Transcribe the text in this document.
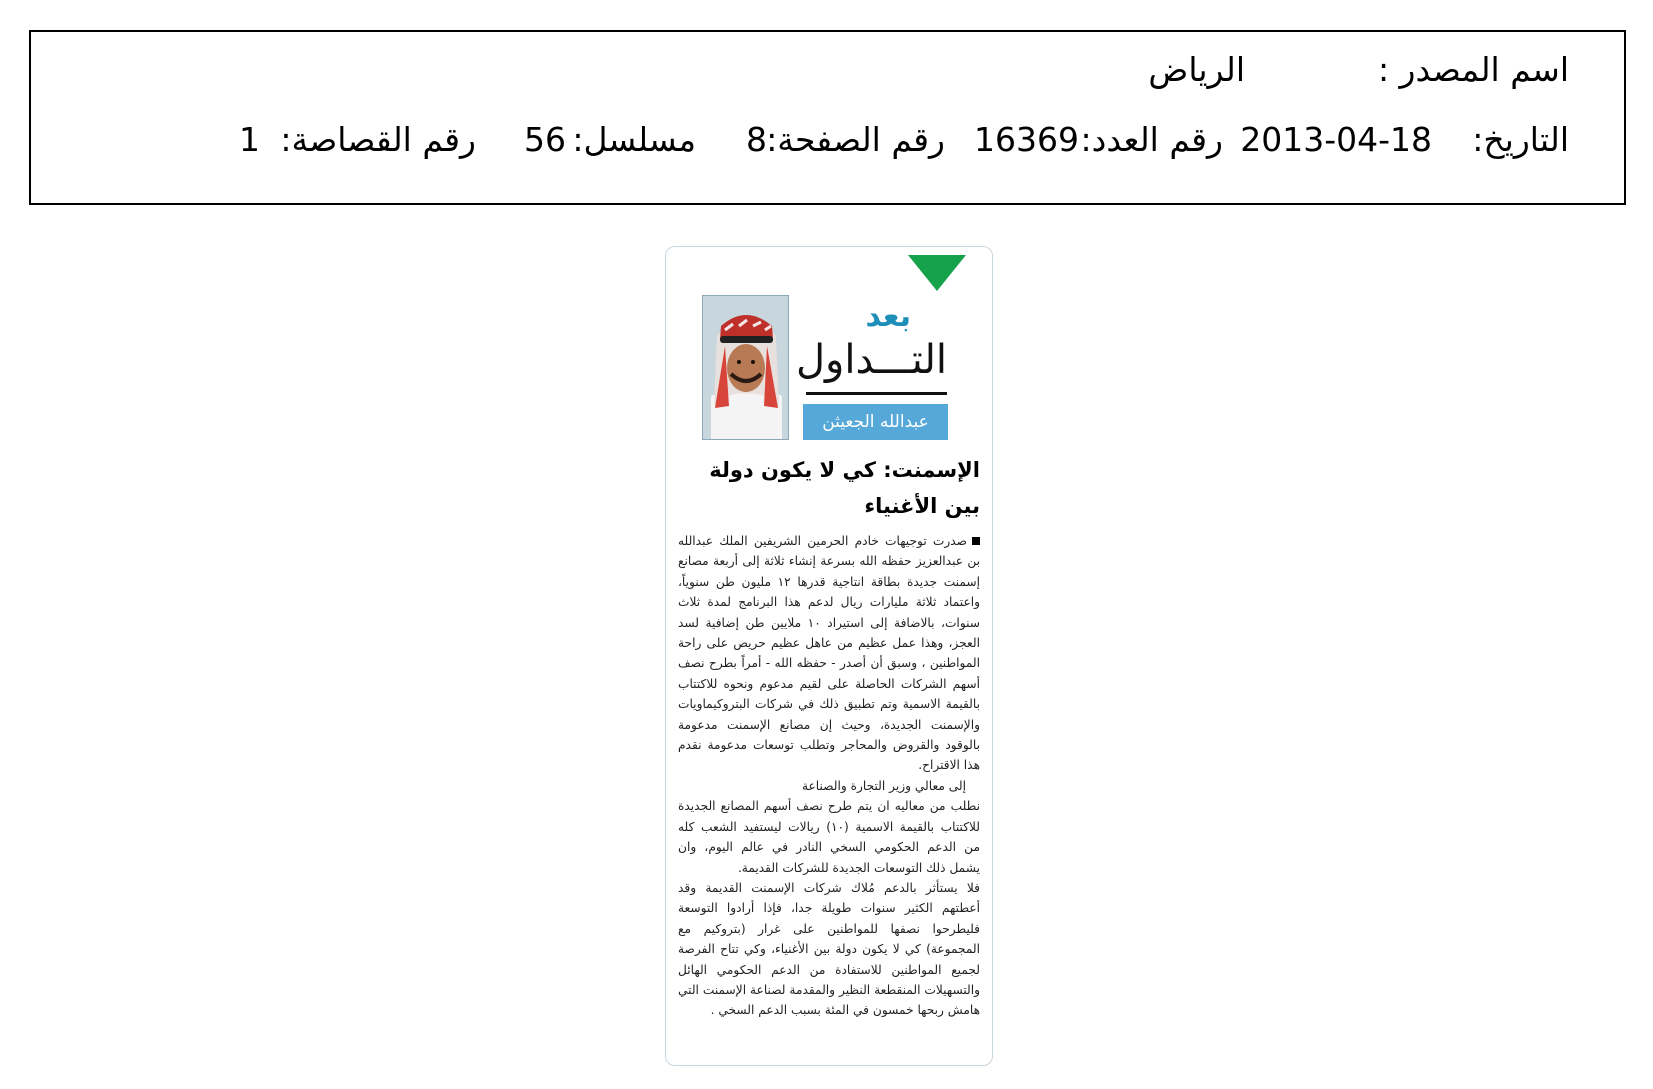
اسم المصدر :
الرياض
التاريخ:
2013-04-18
رقم العدد:
16369
رقم الصفحة:
8
مسلسل:
56
رقم القصاصة:
1
بعد
التـــداول
عبدالله الجعيثن
الإسمنت: كي لا يكون دولة
بين الأغنياء

صدرت توجيهات خادم الحرمين الشريفين الملك عبدالله بن عبدالعزيز حفظه الله بسرعة إنشاء ثلاثة إلى أربعة مصانع إسمنت جديدة بطاقة انتاجية قدرها ١٢ مليون طن سنوياً، واعتماد ثلاثة مليارات ريال لدعم هذا البرنامج لمدة ثلاث سنوات، بالاضافة إلى استيراد ١٠ ملايين طن إضافية لسد العجز، وهذا عمل عظيم من عاهل عظيم حريص على راحة المواطنين ، وسبق أن أصدر - حفظه الله - أمراً بطرح نصف أسهم الشركات الحاصلة على لقيم مدعوم ونحوه للاكتتاب بالقيمة الاسمية وتم تطبيق ذلك في شركات البتروكيماويات والإسمنت الجديدة، وحيث إن مصانع الإسمنت مدعومة بالوقود والقروض والمحاجر وتطلب توسعات مدعومة نقدم هذا الاقتراح.

إلى معالي وزير التجارة والصناعة

نطلب من معاليه ان يتم طرح نصف أسهم المصانع الجديدة للاكتتاب بالقيمة الاسمية (١٠) ريالات ليستفيد الشعب كله من الدعم الحكومي السخي النادر في عالم اليوم، وان يشمل ذلك التوسعات الجديدة للشركات القديمة.

فلا يستأثر بالدعم مُلاك شركات الإسمنت القديمة وقد أعطتهم الكثير سنوات طويلة جدا، فإذا أرادوا التوسعة فليطرحوا نصفها للمواطنين على غرار (بتروكيم مع المجموعة) كي لا يكون دولة بين الأغنياء، وكي تتاح الفرصة لجميع المواطنين للاستفادة من الدعم الحكومي الهائل والتسهيلات المنقطعة النظير والمقدمة لصناعة الإسمنت التي هامش ربحها خمسون في المئة بسبب الدعم السخي .
